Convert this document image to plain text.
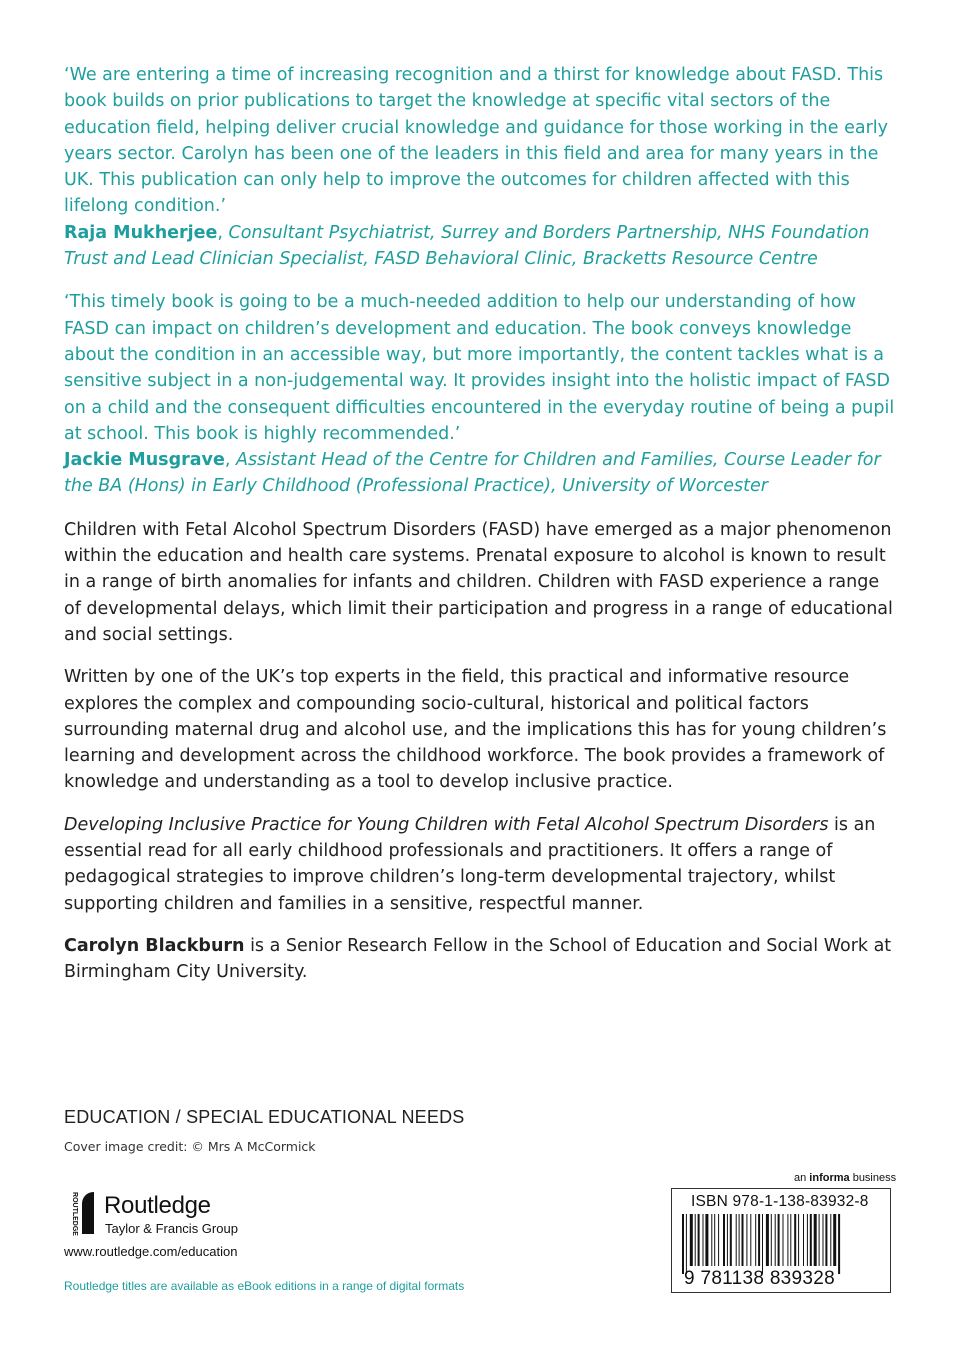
‘We are entering a time of increasing recognition and a thirst for knowledge about FASD. This book builds on prior publications to target the knowledge at specific vital sectors of the education field, helping deliver crucial knowledge and guidance for those working in the early years sector. Carolyn has been one of the leaders in this field and area for many years in the UK. This publication can only help to improve the outcomes for children affected with this lifelong condition.’

Raja Mukherjee, Consultant Psychiatrist, Surrey and Borders Partnership, NHS Foundation Trust and Lead Clinician Specialist, FASD Behavioral Clinic, Bracketts Resource Centre

‘This timely book is going to be a much-needed addition to help our understanding of how FASD can impact on children’s development and education. The book conveys knowledge about the condition in an accessible way, but more importantly, the content tackles what is a sensitive subject in a non-judgemental way. It provides insight into the holistic impact of FASD on a child and the consequent difficulties encountered in the everyday routine of being a pupil at school. This book is highly recommended.’

Jackie Musgrave, Assistant Head of the Centre for Children and Families, Course Leader for the BA (Hons) in Early Childhood (Professional Practice), University of Worcester

Children with Fetal Alcohol Spectrum Disorders (FASD) have emerged as a major phenomenon within the education and health care systems. Prenatal exposure to alcohol is known to result in a range of birth anomalies for infants and children. Children with FASD experience a range of developmental delays, which limit their participation and progress in a range of educational and social settings.

Written by one of the UK’s top experts in the field, this practical and informative resource explores the complex and compounding socio-cultural, historical and political factors surrounding maternal drug and alcohol use, and the implications this has for young children’s learning and development across the childhood workforce. The book provides a framework of knowledge and understanding as a tool to develop inclusive practice.

Developing Inclusive Practice for Young Children with Fetal Alcohol Spectrum Disorders is an essential read for all early childhood professionals and practitioners. It offers a range of pedagogical strategies to improve children’s long-term developmental trajectory, whilst supporting children and families in a sensitive, respectful manner.

Carolyn Blackburn is a Senior Research Fellow in the School of Education and Social Work at Birmingham City University.

EDUCATION / SPECIAL EDUCATIONAL NEEDS
Cover image credit: © Mrs A McCormick
ROUTLEDGE Routledge
Taylor & Francis Group
www.routledge.com/education
Routledge titles are available as eBook editions in a range of digital formats
an informa business
ISBN 978-1-138-83932-8
9 781138 839328
